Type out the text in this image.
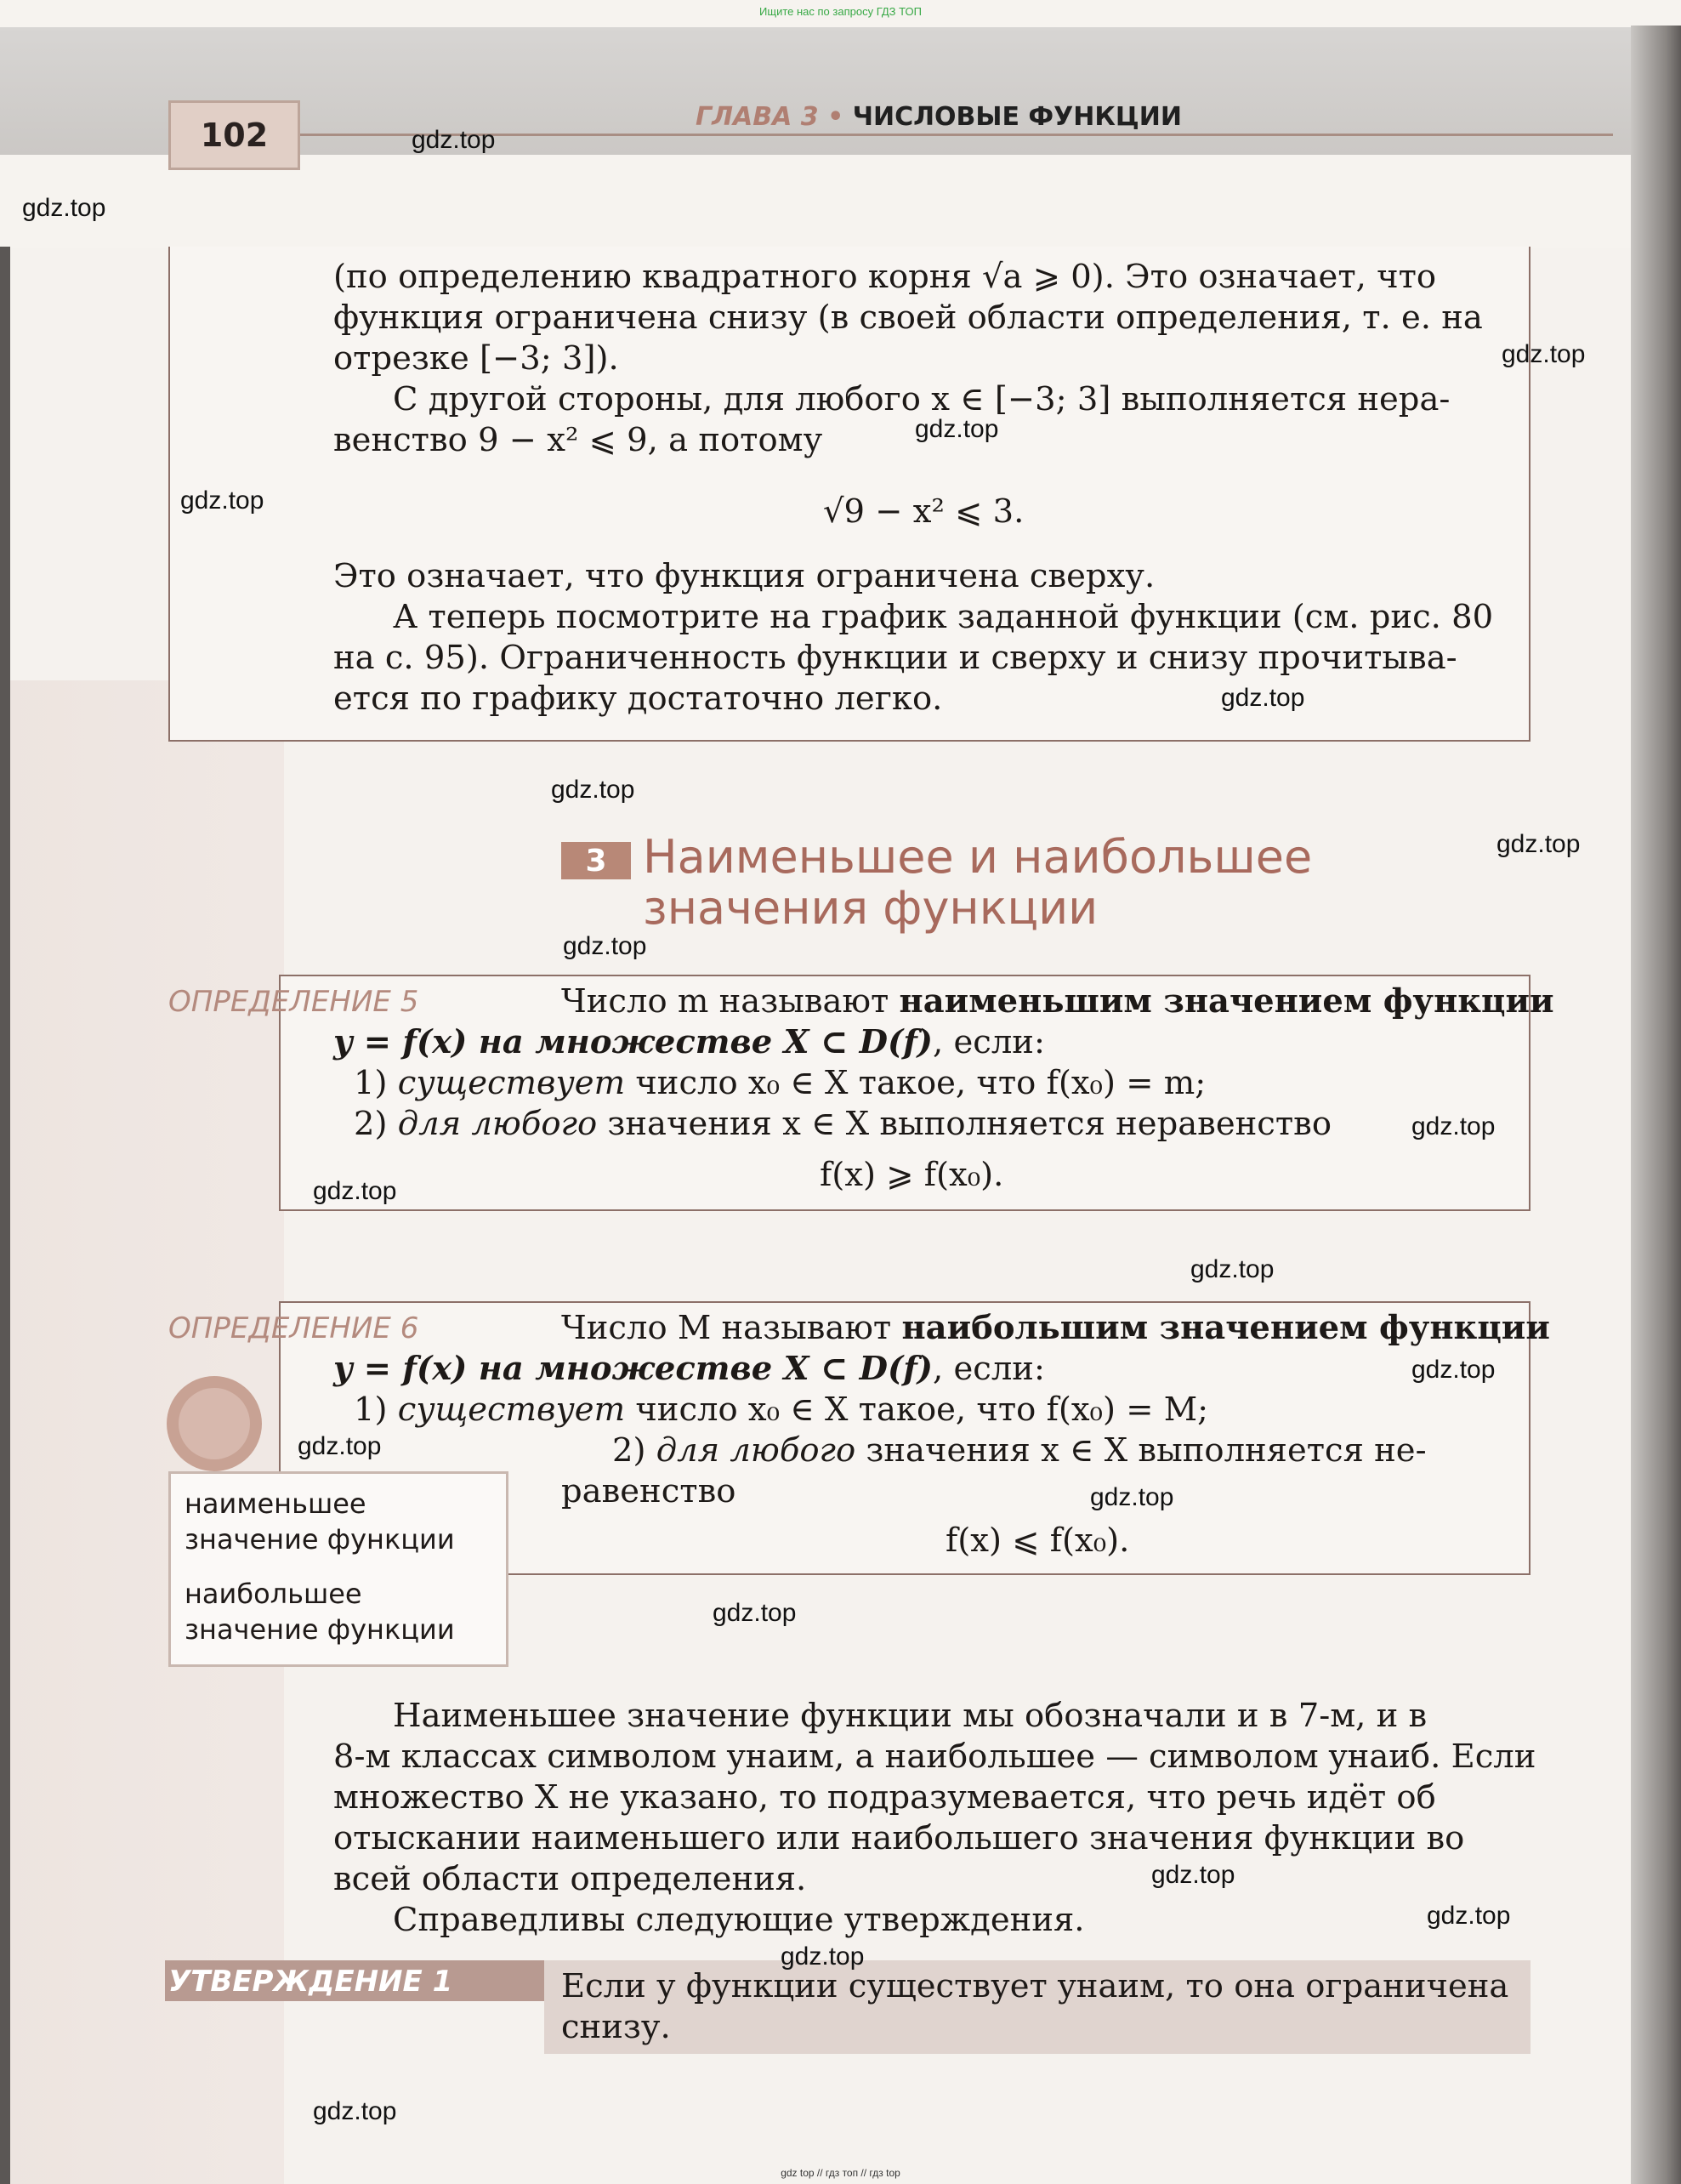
Ищите нас по запросу ГДЗ ТОП
102	ГЛАВА 3 • ЧИСЛОВЫЕ ФУНКЦИИ
(по определению квадратного корня √a ⩾ 0). Это означает, что
функция ограничена снизу (в своей области определения, т. е. на
отрезке [−3; 3]).
С другой стороны, для любого x ∈ [−3; 3] выполняется нера-
венство 9 − x² ⩽ 9, а потому
√9 − x² ⩽ 3.
Это означает, что функция ограничена сверху.
А теперь посмотрите на график заданной функции (см. рис. 80
на с. 95). Ограниченность функции и сверху и снизу прочитыва-
ется по графику достаточно легко.
3 Наименьшее и наибольшее
значения функции
ОПРЕДЕЛЕНИЕ 5	Число m называют наименьшим значением функции
y = f(x) на множестве X ⊂ D(f), если:
1) существует число x₀ ∈ X такое, что f(x₀) = m;
2) для любого значения x ∈ X выполняется неравенство
f(x) ⩾ f(x₀).
ОПРЕДЕЛЕНИЕ 6	Число M называют наибольшим значением функции
y = f(x) на множестве X ⊂ D(f), если:
1) существует число x₀ ∈ X такое, что f(x₀) = M;
2) для любого значения x ∈ X выполняется не-
равенство
f(x) ⩽ f(x₀).
наименьшее значение функции
наибольшее значение функции
Наименьшее значение функции мы обозначали и в 7-м, и в
8-м классах символом yнаим, а наибольшее — символом yнаиб. Если
множество X не указано, то подразумевается, что речь идёт об
отыскании наименьшего или наибольшего значения функции во
всей области определения.
Справедливы следующие утверждения.
УТВЕРЖДЕНИЕ 1	Если у функции существует yнаим, то она ограничена
снизу.
gdz.top
gdz.top
gdz.top
gdz.top
gdz.top
gdz.top
gdz.top
gdz.top
gdz.top
gdz.top
gdz.top
gdz.top
gdz.top
gdz.top
gdz.top
gdz.top
gdz.top
gdz.top
gdz.top
gdz.top
gdz top // гдз топ // гдз top
